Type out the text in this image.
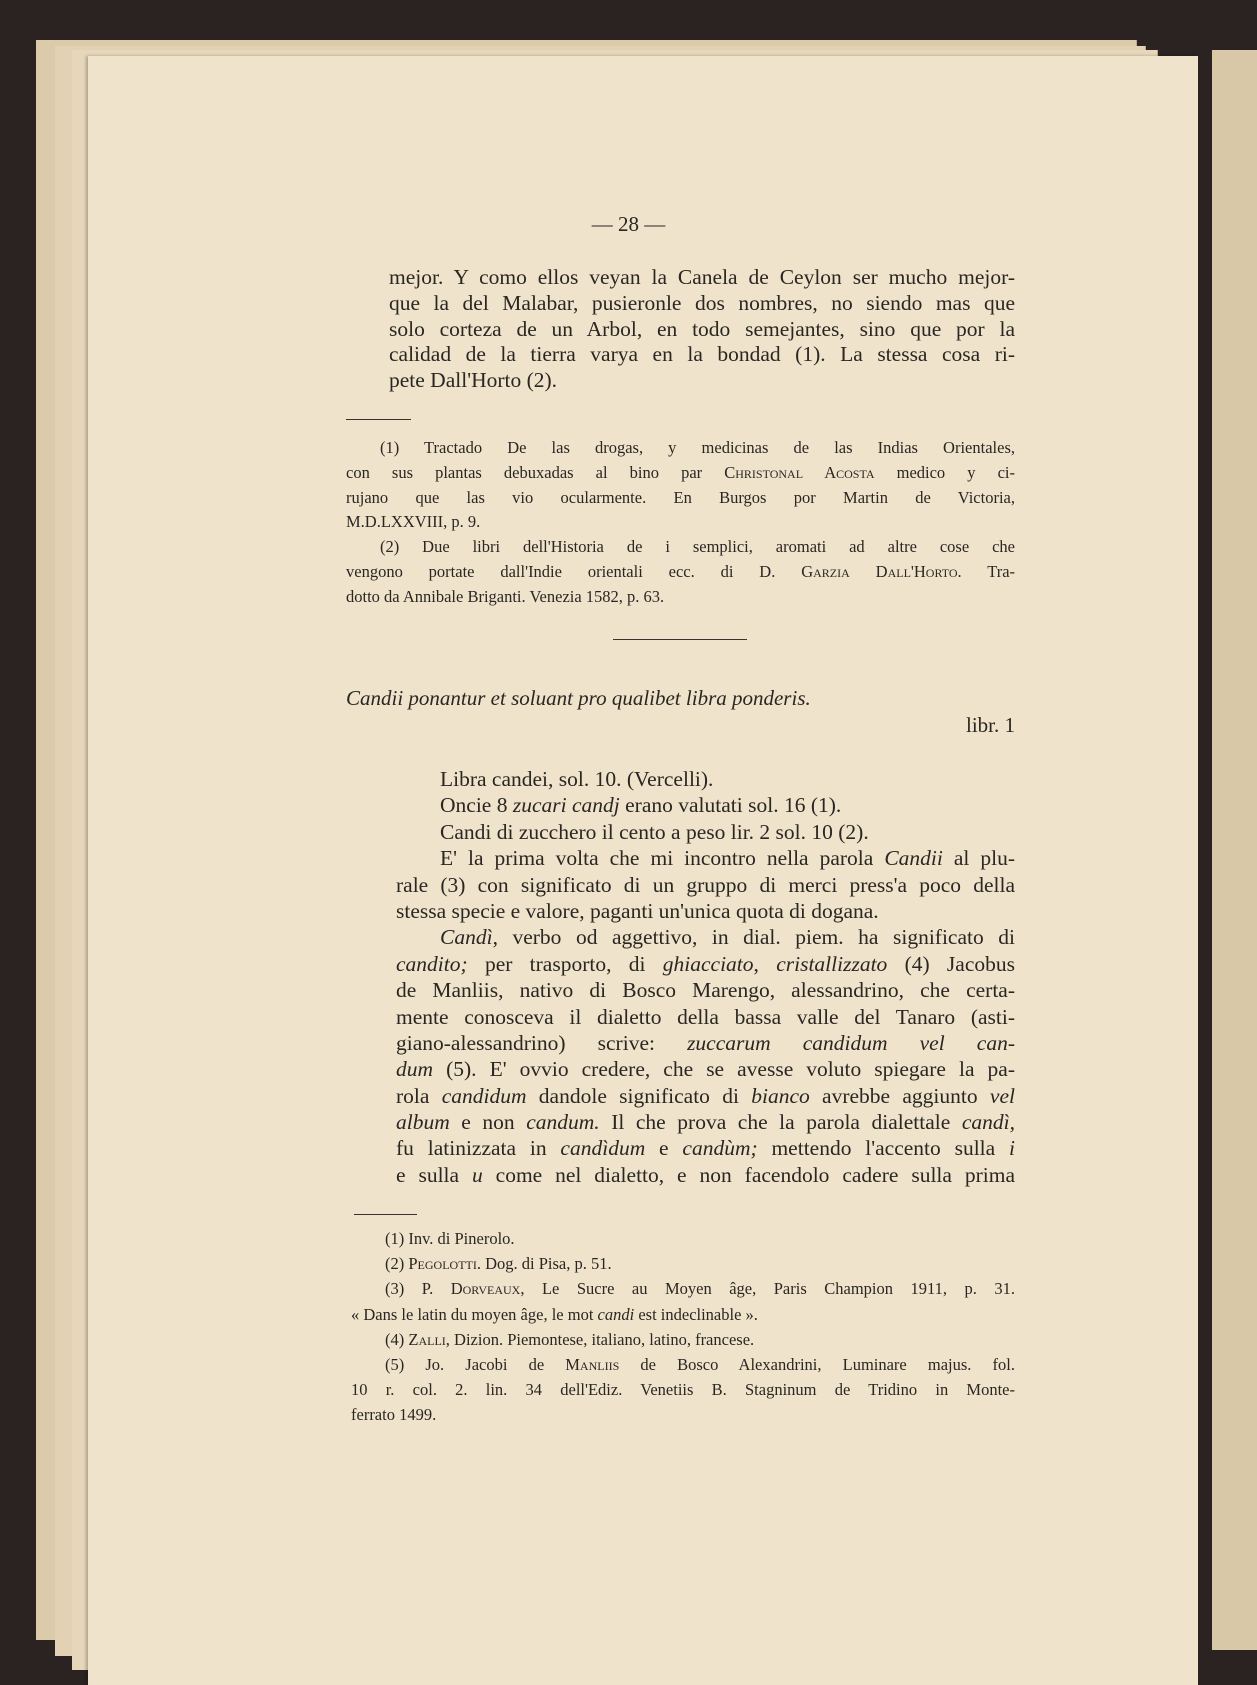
— 28 —
mejor. Y como ellos veyan la Canela de Ceylon ser mucho mejor-
que la del Malabar, pusieronle dos nombres, no siendo mas que
solo corteza de un Arbol, en todo semejantes, sino que por la
calidad de la tierra varya en la bondad (1). La stessa cosa ri-
pete Dall'Horto (2).
(1) Tractado De las drogas, y medicinas de las Indias Orientales,
con sus plantas debuxadas al bino par Christonal Acosta medico y ci-
rujano que las vio ocularmente. En Burgos por Martin de Victoria,
M.D.LXXVIII, p. 9.
(2) Due libri dell'Historia de i semplici, aromati ad altre cose che
vengono portate dall'Indie orientali ecc. di D. Garzia Dall'Horto. Tra-
dotto da Annibale Briganti. Venezia 1582, p. 63.
Candii ponantur et soluant pro qualibet libra ponderis.
libr. 1
Libra candei, sol. 10. (Vercelli).
Oncie 8 zucari candj erano valutati sol. 16 (1).
Candi di zucchero il cento a peso lir. 2 sol. 10 (2).
E' la prima volta che mi incontro nella parola Candii al plu-
rale (3) con significato di un gruppo di merci press'a poco della
stessa specie e valore, paganti un'unica quota di dogana.
Candì, verbo od aggettivo, in dial. piem. ha significato di
candito; per trasporto, di ghiacciato, cristallizzato (4) Jacobus
de Manliis, nativo di Bosco Marengo, alessandrino, che certa-
mente conosceva il dialetto della bassa valle del Tanaro (asti-
giano-alessandrino) scrive: zuccarum candidum vel can-
dum (5). E' ovvio credere, che se avesse voluto spiegare la pa-
rola candidum dandole significato di bianco avrebbe aggiunto vel
album e non candum. Il che prova che la parola dialettale candì,
fu latinizzata in candìdum e candùm; mettendo l'accento sulla i
e sulla u come nel dialetto, e non facendolo cadere sulla prima
(1) Inv. di Pinerolo.
(2) Pegolotti. Dog. di Pisa, p. 51.
(3) P. Dorveaux, Le Sucre au Moyen âge, Paris Champion 1911, p. 31.
« Dans le latin du moyen âge, le mot candi est indeclinable ».
(4) Zalli, Dizion. Piemontese, italiano, latino, francese.
(5) Jo. Jacobi de Manliis de Bosco Alexandrini, Luminare majus. fol.
10 r. col. 2. lin. 34 dell'Ediz. Venetiis B. Stagninum de Tridino in Monte-
ferrato 1499.
